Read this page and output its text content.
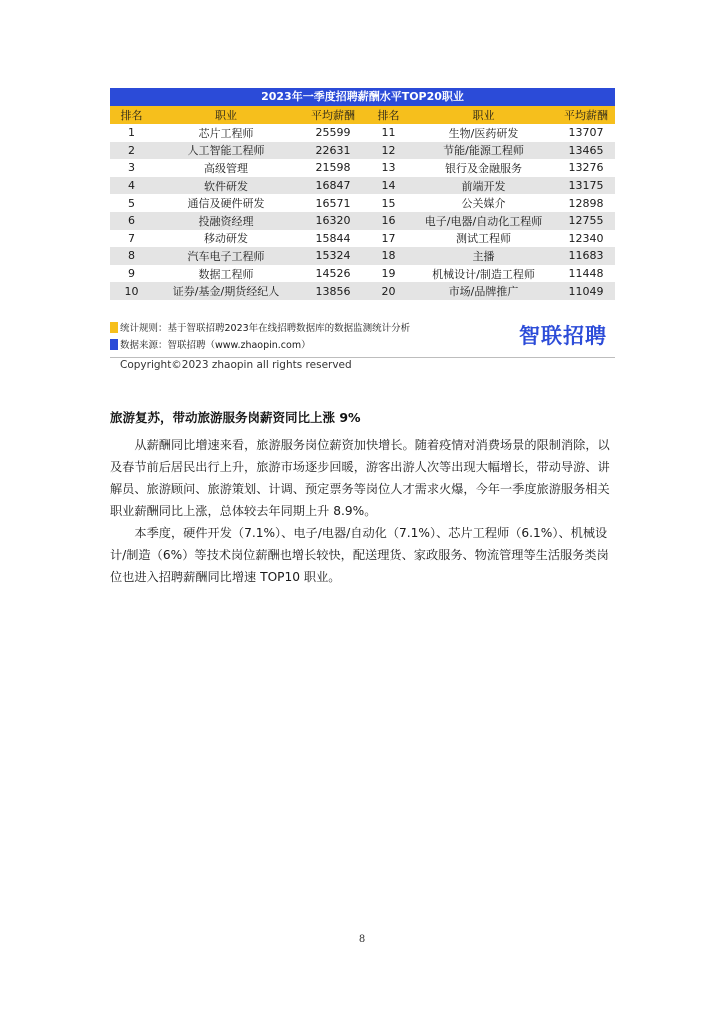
2023年一季度招聘薪酬水平TOP20职业
排名	职业	平均薪酬	排名	职业	平均薪酬
1	芯片工程师	25599	11	生物/医药研发	13707
2	人工智能工程师	22631	12	节能/能源工程师	13465
3	高级管理	21598	13	银行及金融服务	13276
4	软件研发	16847	14	前端开发	13175
5	通信及硬件研发	16571	15	公关媒介	12898
6	投融资经理	16320	16	电子/电器/自动化工程师	12755
7	移动研发	15844	17	测试工程师	12340
8	汽车电子工程师	15324	18	主播	11683
9	数据工程师	14526	19	机械设计/制造工程师	11448
10	证券/基金/期货经纪人	13856	20	市场/品牌推广	11049
统计规则：基于智联招聘2023年在线招聘数据库的数据监测统计分析
数据来源：智联招聘（www.zhaopin.com）	智联招聘
Copyright©2023 zhaopin all rights reserved
旅游复苏，带动旅游服务岗薪资同比上涨 9%

从薪酬同比增速来看，旅游服务岗位薪资加快增长。随着疫情对消费场景的限制消除，以及春节前后居民出行上升，旅游市场逐步回暖，游客出游人次等出现大幅增长，带动导游、讲解员、旅游顾问、旅游策划、计调、预定票务等岗位人才需求火爆，今年一季度旅游服务相关职业薪酬同比上涨，总体较去年同期上升 8.9%。

本季度，硬件开发（7.1%）、电子/电器/自动化（7.1%）、芯片工程师（6.1%）、机械设计/制造（6%）等技术岗位薪酬也增长较快，配送理货、家政服务、物流管理等生活服务类岗位也进入招聘薪酬同比增速 TOP10 职业。

8
